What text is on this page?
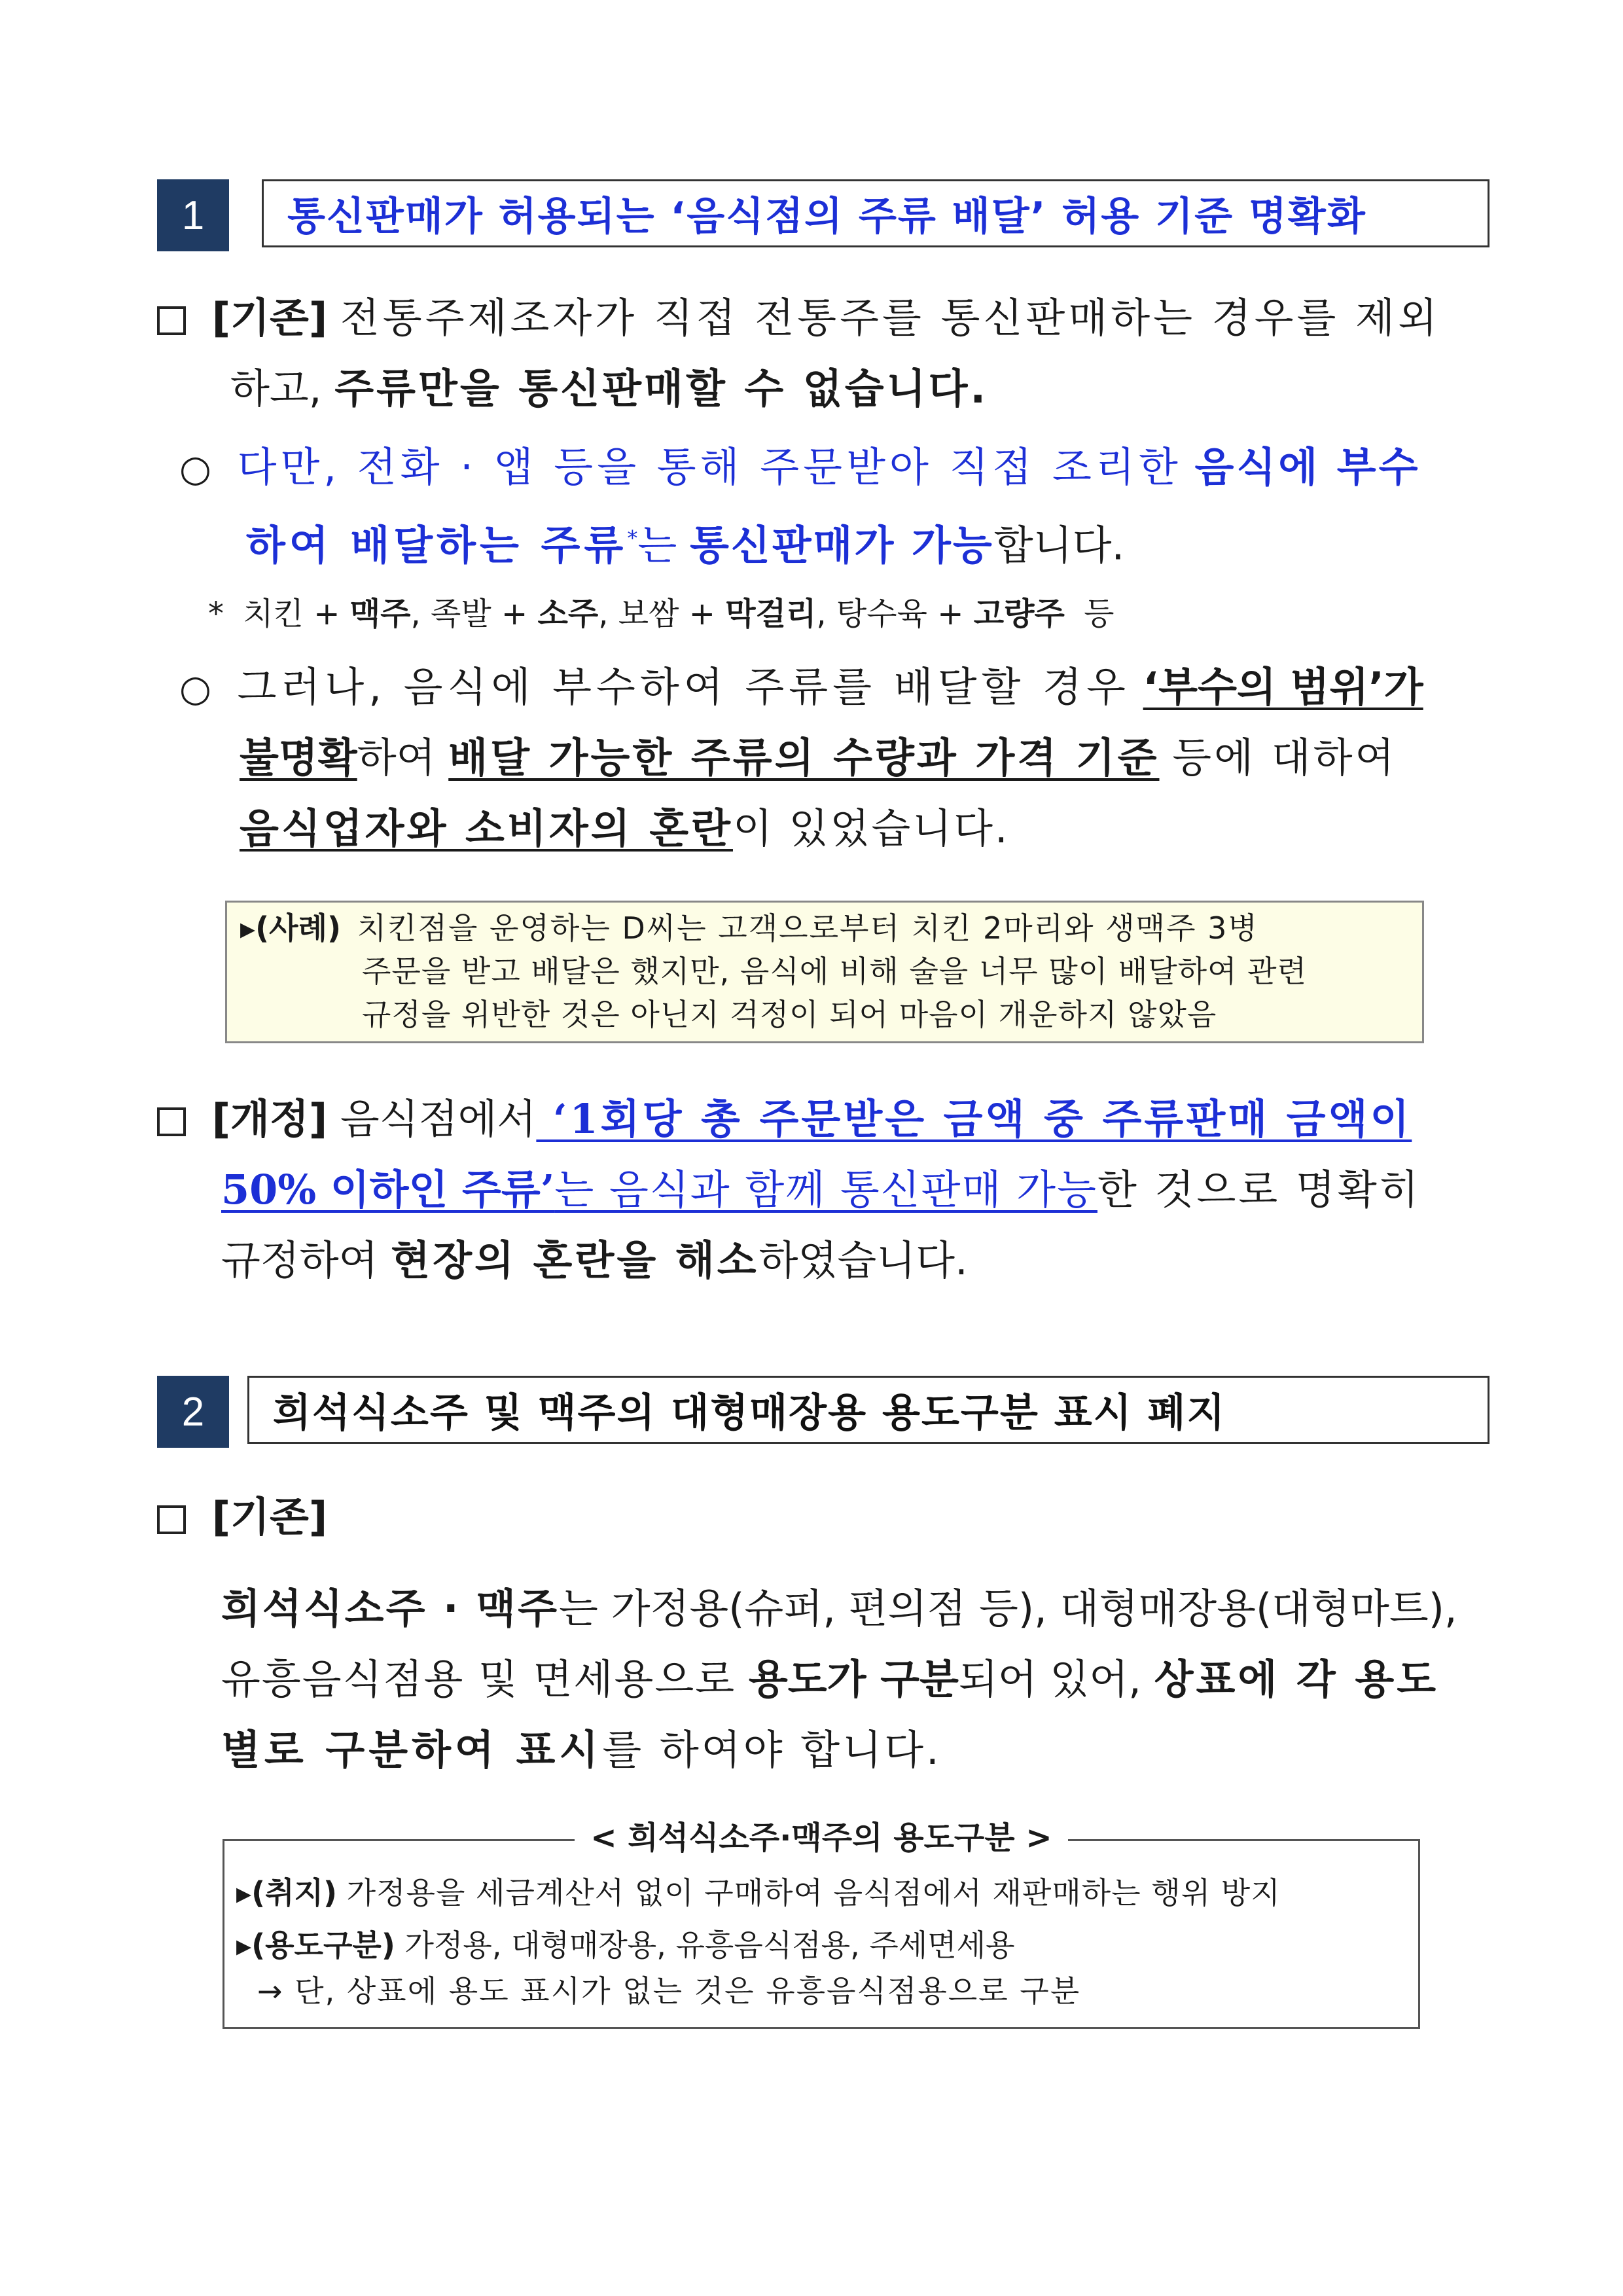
1 통신판매가 허용되는 ‘음식점의 주류 배달’ 허용 기준 명확화
[기존] 전통주제조자가 직접 전통주를 통신판매하는 경우를 제외
하고, 주류만을 통신판매할 수 없습니다.
○ 다만, 전화 · 앱 등을 통해 주문받아 직접 조리한 음식에 부수
하여 배달하는 주류*는 통신판매가 가능합니다.
* 치킨 + 맥주, 족발 + 소주, 보쌈 + 막걸리, 탕수육 + 고량주 등
○ 그러나, 음식에 부수하여 주류를 배달할 경우 ‘부수의 범위’가
불명확하여 배달 가능한 주류의 수량과 가격 기준 등에 대하여
음식업자와 소비자의 혼란이 있었습니다.
▸(사례) 치킨점을 운영하는 D씨는 고객으로부터 치킨 2마리와 생맥주 3병
주문을 받고 배달은 했지만, 음식에 비해 술을 너무 많이 배달하여 관련
규정을 위반한 것은 아닌지 걱정이 되어 마음이 개운하지 않았음
[개정] 음식점에서 ‘1회당 총 주문받은 금액 중 주류판매 금액이
50% 이하인 주류’는 음식과 함께 통신판매 가능한 것으로 명확히
규정하여 현장의 혼란을 해소하였습니다.
2 희석식소주 및 맥주의 대형매장용 용도구분 표시 폐지
[기존]
희석식소주 · 맥주는 가정용(슈퍼, 편의점 등), 대형매장용(대형마트),
유흥음식점용 및 면세용으로 용도가 구분되어 있어, 상표에 각 용도
별로 구분하여 표시를 하여야 합니다.
< 희석식소주·맥주의 용도구분 >
▸(취지) 가정용을 세금계산서 없이 구매하여 음식점에서 재판매하는 행위 방지
▸(용도구분) 가정용, 대형매장용, 유흥음식점용, 주세면세용
→ 단, 상표에 용도 표시가 없는 것은 유흥음식점용으로 구분
